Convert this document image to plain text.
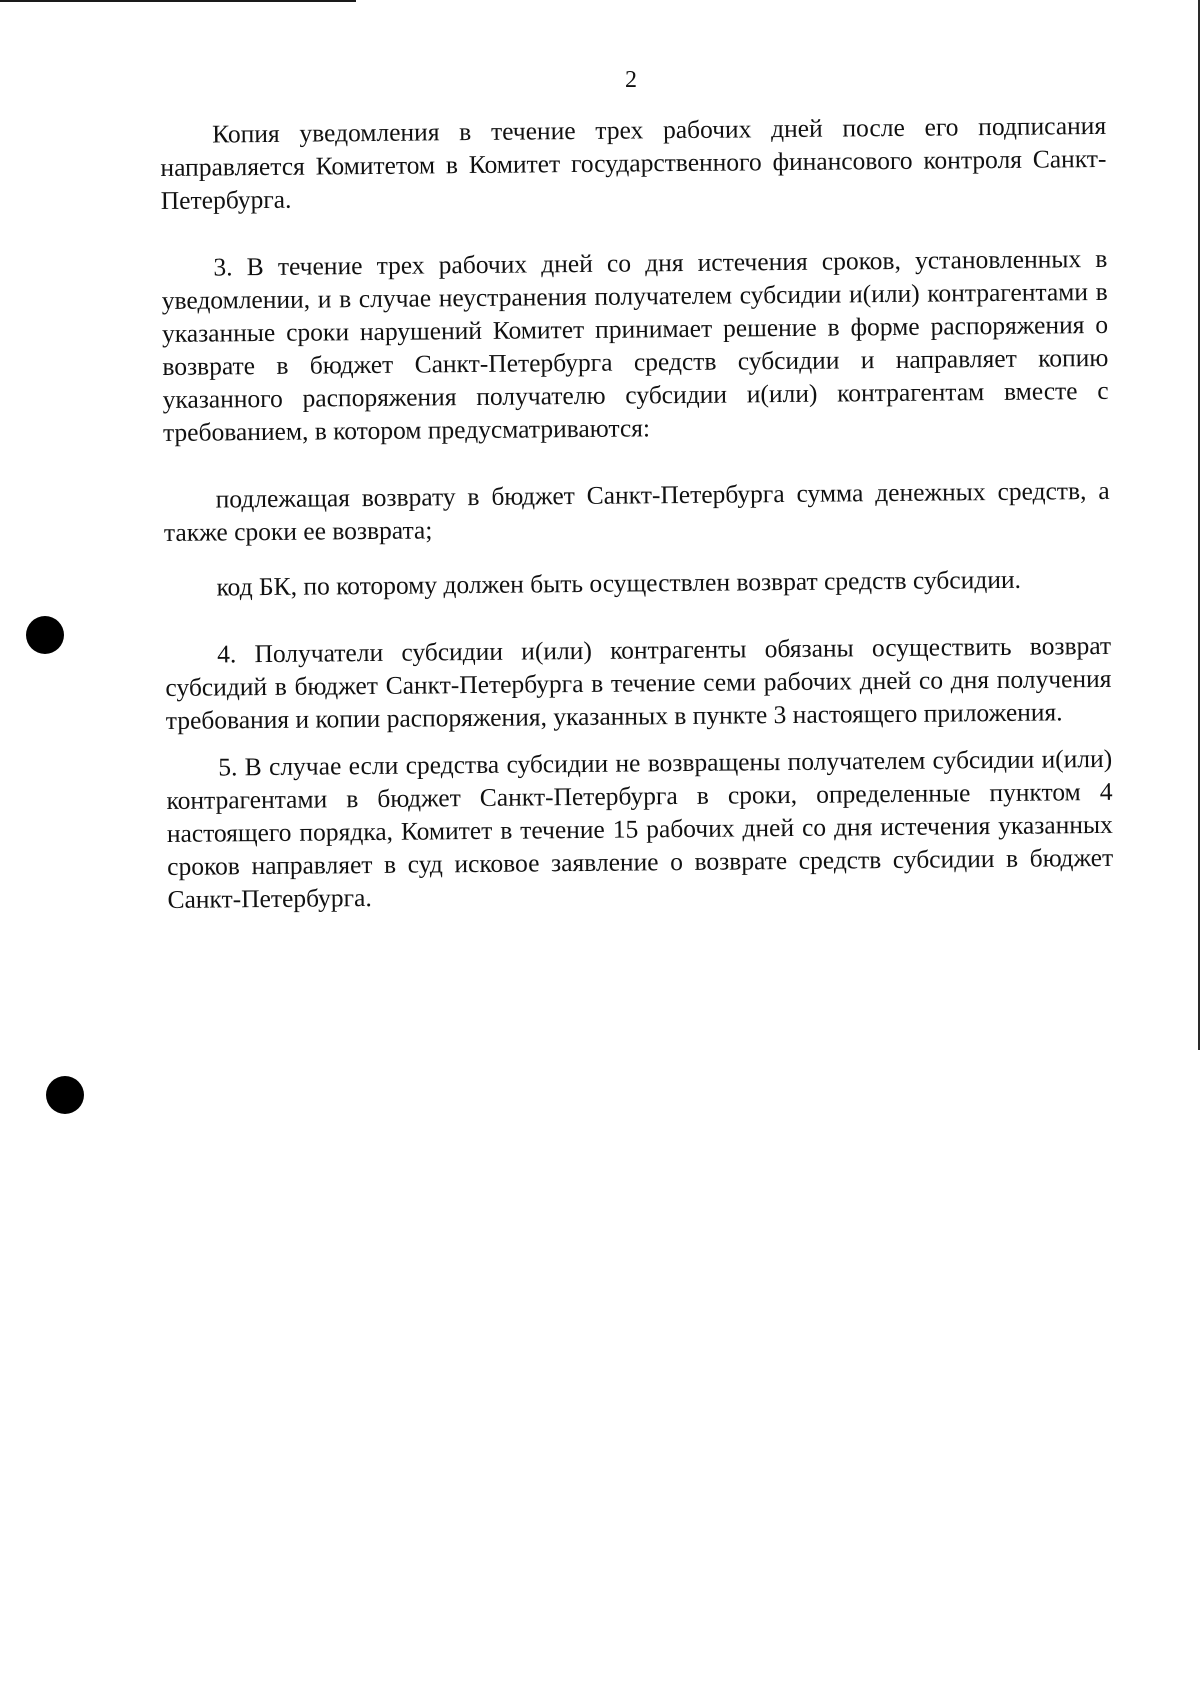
2

Копия уведомления в течение трех рабочих дней после его подписания направляется Комитетом в Комитет государственного финансового контроля Санкт-Петербурга.

3. В течение трех рабочих дней со дня истечения сроков, установленных в уведомлении, и в случае неустранения получателем субсидии и(или) контрагентами в указанные сроки нарушений Комитет принимает решение в форме распоряжения о возврате в бюджет Санкт-Петербурга средств субсидии и направляет копию указанного распоряжения получателю субсидии и(или) контрагентам вместе с требованием, в котором предусматриваются:

подлежащая возврату в бюджет Санкт-Петербурга сумма денежных средств, а также сроки ее возврата;

код БК, по которому должен быть осуществлен возврат средств субсидии.

4. Получатели субсидии и(или) контрагенты обязаны осуществить возврат субсидий в бюджет Санкт-Петербурга в течение семи рабочих дней со дня получения требования и копии распоряжения, указанных в пункте 3 настоящего приложения.

5. В случае если средства субсидии не возвращены получателем субсидии и(или) контрагентами в бюджет Санкт-Петербурга в сроки, определенные пунктом 4 настоящего порядка, Комитет в течение 15 рабочих дней со дня истечения указанных сроков направляет в суд исковое заявление о возврате средств субсидии в бюджет Санкт-Петербурга.
